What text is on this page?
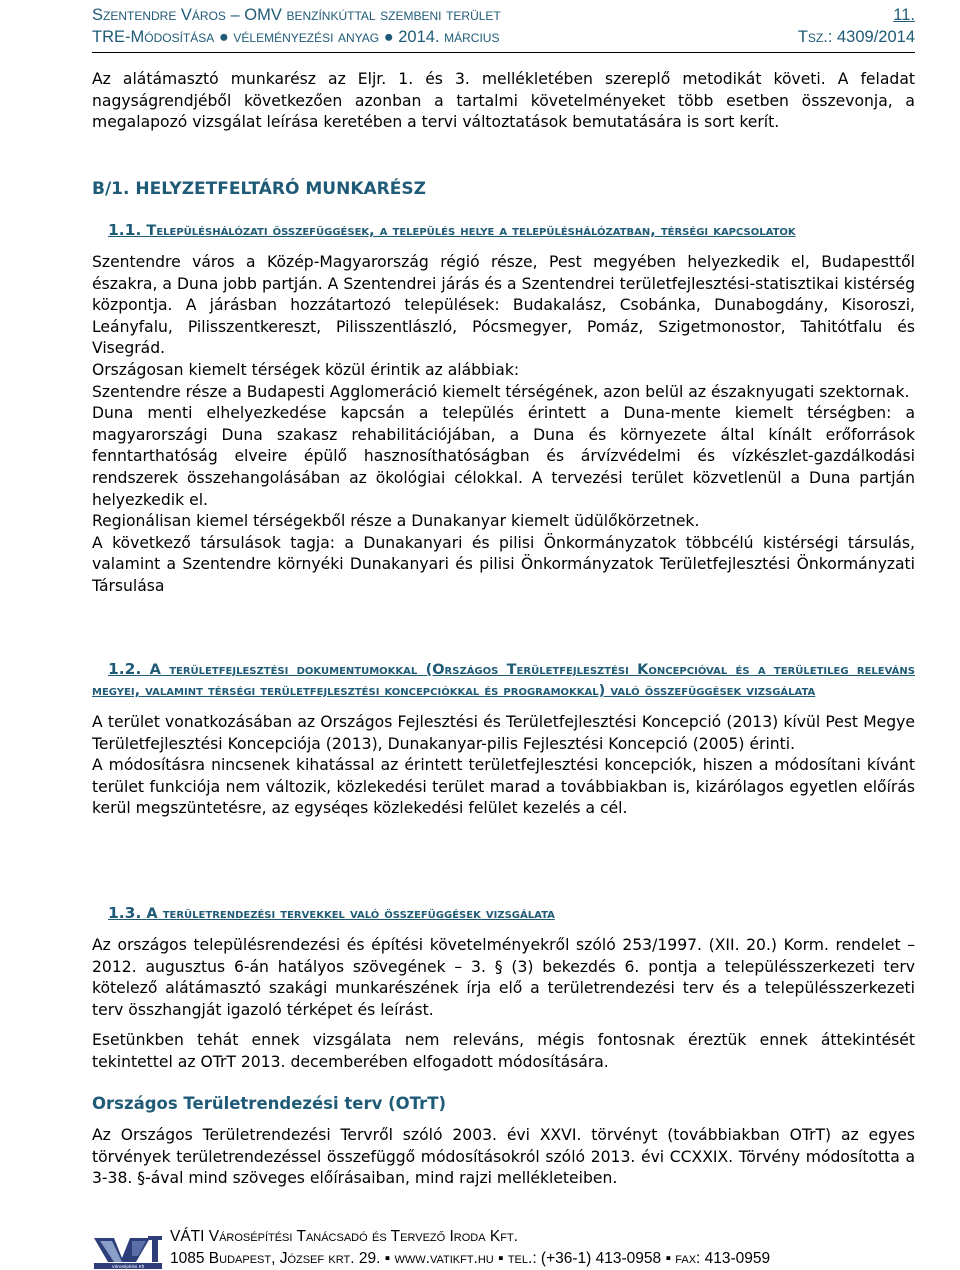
Szentendre Város – OMV benzínkúttal szembeni terület	11.
TRE-Módosítása ● véleményezési anyag ● 2014. március	Tsz.: 4309/2014

Az alátámasztó munkarész az Eljr. 1. és 3. mellékletében szereplő metodikát követi. A feladat nagyságrendjéből következően azonban a tartalmi követelményeket több esetben összevonja, a megalapozó vizsgálat leírása keretében a tervi változtatások bemutatására is sort kerít.

B/1. HELYZETFELTÁRÓ MUNKARÉSZ
1.1. Településhálózati összefüggések, a település helye a településhálózatban, térségi kapcsolatok

Szentendre város a Közép-Magyarország régió része, Pest megyében helyezkedik el, Budapesttől északra, a Duna jobb partján. A Szentendrei járás és a Szentendrei területfejlesztési-statisztikai kistérség központja. A járásban hozzátartozó települések: Budakalász, Csobánka, Dunabogdány, Kisoroszi, Leányfalu, Pilisszentkereszt, Pilisszentlászló, Pócsmegyer, Pomáz, Szigetmonostor, Tahitótfalu és Visegrád.

Országosan kiemelt térségek közül érintik az alábbiak:

Szentendre része a Budapesti Agglomeráció kiemelt térségének, azon belül az északnyugati szektornak.

Duna menti elhelyezkedése kapcsán a település érintett a Duna-mente kiemelt térségben: a magyarországi Duna szakasz rehabilitációjában, a Duna és környezete által kínált erőforrások fenntarthatóság elveire épülő hasznosíthatóságban és árvízvédelmi és vízkészlet-gazdálkodási rendszerek összehangolásában az ökológiai célokkal. A tervezési terület közvetlenül a Duna partján helyezkedik el.

Regionálisan kiemel térségekből része a Dunakanyar kiemelt üdülőkörzetnek.

A következő társulások tagja: a Dunakanyari és pilisi Önkormányzatok többcélú kistérségi társulás, valamint a Szentendre környéki Dunakanyari és pilisi Önkormányzatok Területfejlesztési Önkormányzati Társulása

1.2. A területfejlesztési dokumentumokkal (Országos Területfejlesztési Koncepcióval és a területileg releváns megyei, valamint térségi területfejlesztési koncepciókkal és programokkal) való összefüggések vizsgálata

A terület vonatkozásában az Országos Fejlesztési és Területfejlesztési Koncepció (2013) kívül Pest Megye Területfejlesztési Koncepciója (2013), Dunakanyar-pilis Fejlesztési Koncepció (2005) érinti.

A módosításra nincsenek kihatással az érintett területfejlesztési koncepciók, hiszen a módosítani kívánt terület funkciója nem változik, közlekedési terület marad a továbbiakban is, kizárólagos egyetlen előírás kerül megszüntetésre, az egyséqes közlekedési felület kezelés a cél.

1.3. A területrendezési tervekkel való összefüggések vizsgálata

Az országos településrendezési és építési követelményekről szóló 253/1997. (XII. 20.) Korm. rendelet – 2012. augusztus 6-án hatályos szövegének – 3. § (3) bekezdés 6. pontja a településszerkezeti terv kötelező alátámasztó szakági munkarészének írja elő a területrendezési terv és a településszerkezeti terv összhangját igazoló térképet és leírást.

Esetünkben tehát ennek vizsgálata nem releváns, mégis fontosnak éreztük ennek áttekintését tekintettel az OTrT 2013. decemberében elfogadott módosítására.

Országos Területrendezési terv (OTrT)

Az Országos Területrendezési Tervről szóló 2003. évi XXVI. törvényt (továbbiakban OTrT) az egyes törvények területrendezéssel összefüggő módosításokról szóló 2013. évi CCXXIX. Törvény módosította a 3-38. §-ával mind szöveges előírásaiban, mind rajzi mellékleteiben.

Városépítési Kft
VÁTI Városépítési Tanácsadó és Tervező Iroda Kft.
1085 Budapest, József krt. 29. ▪ www.vatikft.hu ▪ tel.: (+36-1) 413-0958 ▪ fax: 413-0959
